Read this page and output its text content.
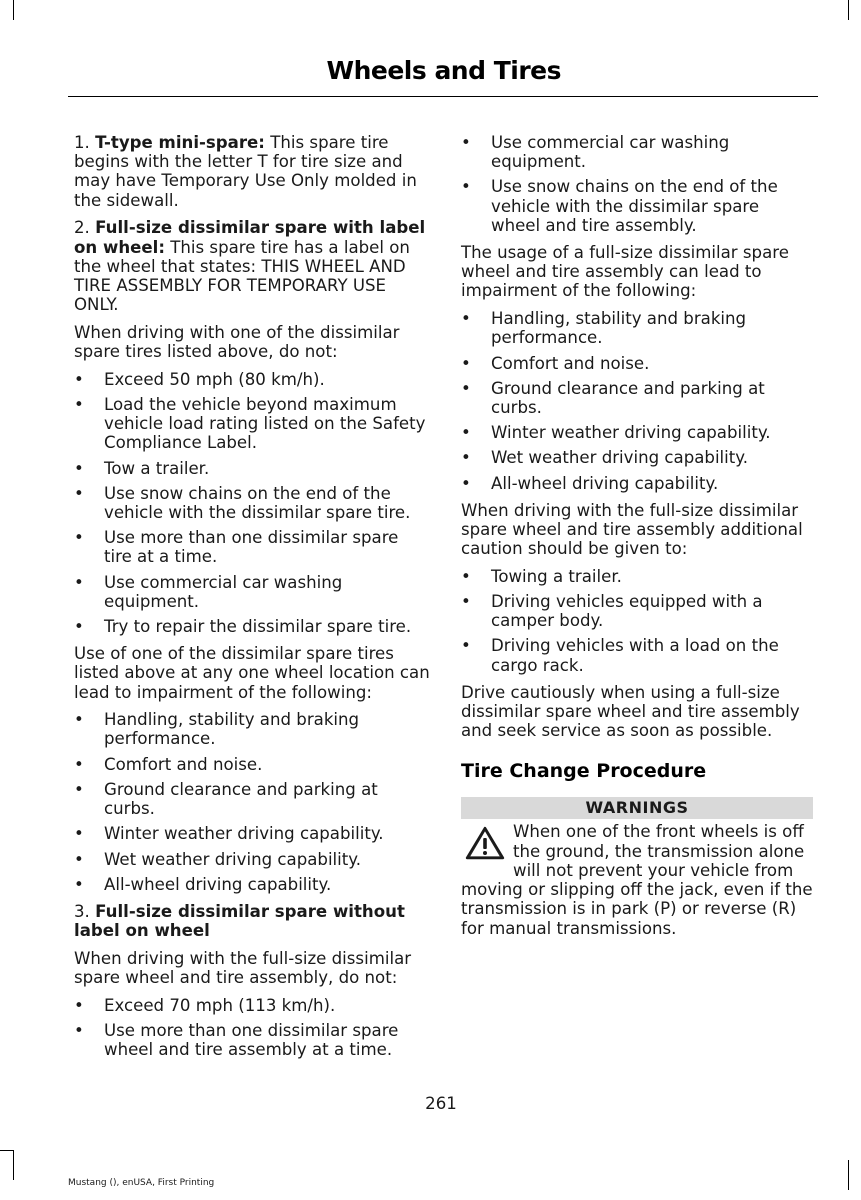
Wheels and Tires

1. T-type mini-spare: This spare tire begins with the letter T for tire size and may have Temporary Use Only molded in the sidewall.

2. Full-size dissimilar spare with label on wheel: This spare tire has a label on the wheel that states: THIS WHEEL AND TIRE ASSEMBLY FOR TEMPORARY USE ONLY.

When driving with one of the dissimilar spare tires listed above, do not:

• Exceed 50 mph (80 km/h).
• Load the vehicle beyond maximum vehicle load rating listed on the Safety Compliance Label.
• Tow a trailer.
• Use snow chains on the end of the vehicle with the dissimilar spare tire.
• Use more than one dissimilar spare tire at a time.
• Use commercial car washing equipment.
• Try to repair the dissimilar spare tire.

Use of one of the dissimilar spare tires listed above at any one wheel location can lead to impairment of the following:

• Handling, stability and braking performance.
• Comfort and noise.
• Ground clearance and parking at curbs.
• Winter weather driving capability.
• Wet weather driving capability.
• All-wheel driving capability.

3. Full-size dissimilar spare without label on wheel

When driving with the full-size dissimilar spare wheel and tire assembly, do not:

• Exceed 70 mph (113 km/h).
• Use more than one dissimilar spare wheel and tire assembly at a time.
• Use commercial car washing equipment.
• Use snow chains on the end of the vehicle with the dissimilar spare wheel and tire assembly.

The usage of a full-size dissimilar spare wheel and tire assembly can lead to impairment of the following:

• Handling, stability and braking performance.
• Comfort and noise.
• Ground clearance and parking at curbs.
• Winter weather driving capability.
• Wet weather driving capability.
• All-wheel driving capability.

When driving with the full-size dissimilar spare wheel and tire assembly additional caution should be given to:

• Towing a trailer.
• Driving vehicles equipped with a camper body.
• Driving vehicles with a load on the cargo rack.

Drive cautiously when using a full-size dissimilar spare wheel and tire assembly and seek service as soon as possible.

Tire Change Procedure
WARNINGS

When one of the front wheels is off the ground, the transmission alone will not prevent your vehicle from moving or slipping off the jack, even if the transmission is in park (P) or reverse (R) for manual transmissions.

261
Mustang (), enUSA, First Printing
